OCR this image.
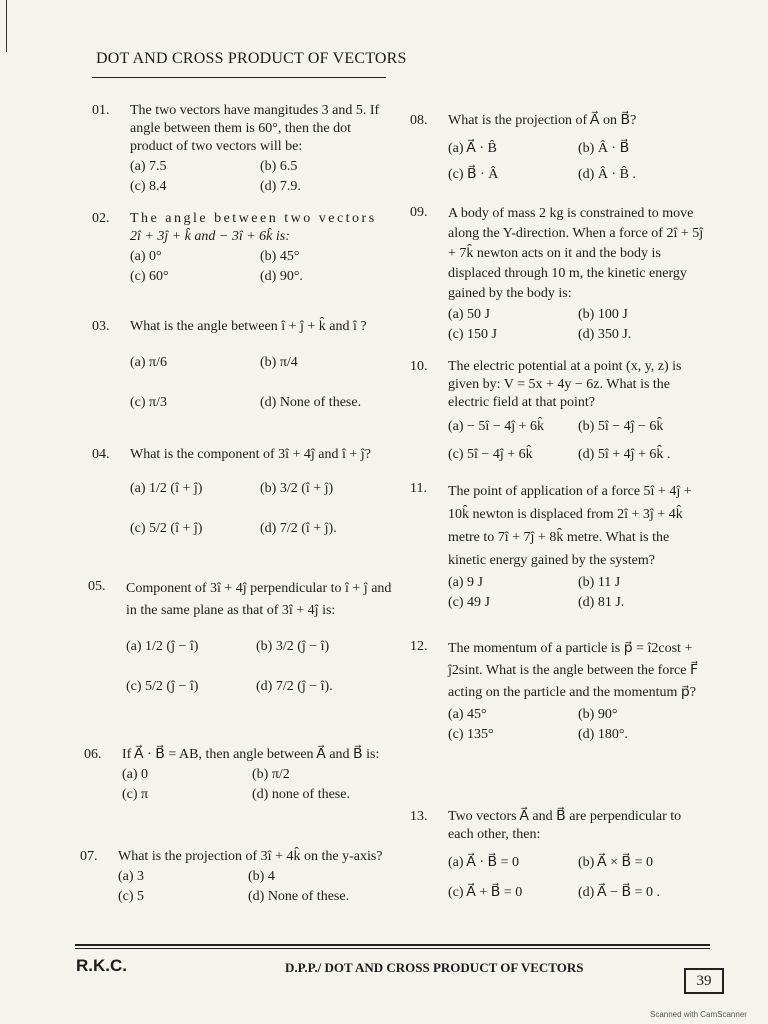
DOT AND CROSS PRODUCT OF VECTORS
01.	The two vectors have mangitudes 3 and 5. If angle between them is 60°, then the dot product of two vectors will be:
(a) 7.5	(b) 6.5
(c) 8.4	(d) 7.9.
02.	The angle between two vectors
2î + 3ĵ + k̂ and − 3î + 6k̂ is:
(a) 0°	(b) 45°
(c) 60°	(d) 90°.
03.	What is the angle between î + ĵ + k̂ and î ?
(a) π/6	(b) π/4
(c) π/3	(d) None of these.
04.	What is the component of 3î + 4ĵ and î + ĵ?
(a) 1/2 (î + ĵ)	(b) 3/2 (î + ĵ)
(c) 5/2 (î + ĵ)	(d) 7/2 (î + ĵ).
05.	Component of 3î + 4ĵ perpendicular to î + ĵ and in the same plane as that of 3î + 4ĵ is:
(a) 1/2 (ĵ − î)	(b) 3/2 (ĵ − î)
(c) 5/2 (ĵ − î)	(d) 7/2 (ĵ − î).
06.	If A⃗ · B⃗ = AB, then angle between A⃗ and B⃗ is:
(a) 0	(b) π/2
(c) π	(d) none of these.
07.	What is the projection of 3î + 4k̂ on the y-axis?
(a) 3	(b) 4
(c) 5	(d) None of these.
08.	What is the projection of A⃗ on B⃗?
(a) A⃗ · B̂	(b) Â · B⃗
(c) B⃗ · Â	(d) Â · B̂ .
09.	A body of mass 2 kg is constrained to move along the Y-direction. When a force of 2î + 5ĵ + 7k̂ newton acts on it and the body is displaced through 10 m, the kinetic energy gained by the body is:
(a) 50 J	(b) 100 J
(c) 150 J	(d) 350 J.
10.	The electric potential at a point (x, y, z) is given by: V = 5x + 4y − 6z. What is the electric field at that point?
(a) − 5î − 4ĵ + 6k̂	(b) 5î − 4ĵ − 6k̂
(c) 5î − 4ĵ + 6k̂	(d) 5î + 4ĵ + 6k̂ .
11.	The point of application of a force 5î + 4ĵ + 10k̂ newton is displaced from 2î + 3ĵ + 4k̂ metre to 7î + 7ĵ + 8k̂ metre. What is the kinetic energy gained by the system?
(a) 9 J	(b) 11 J
(c) 49 J	(d) 81 J.
12.	The momentum of a particle is p⃗ = î2cost + ĵ2sint. What is the angle between the force F⃗ acting on the particle and the momentum p⃗?
(a) 45°	(b) 90°
(c) 135°	(d) 180°.
13.	Two vectors A⃗ and B⃗ are perpendicular to each other, then:
(a) A⃗ · B⃗ = 0	(b) A⃗ × B⃗ = 0
(c) A⃗ + B⃗ = 0	(d) A⃗ − B⃗ = 0 .
R.K.C.	D.P.P./ DOT AND CROSS PRODUCT OF VECTORS
39
Scanned with CamScanner
